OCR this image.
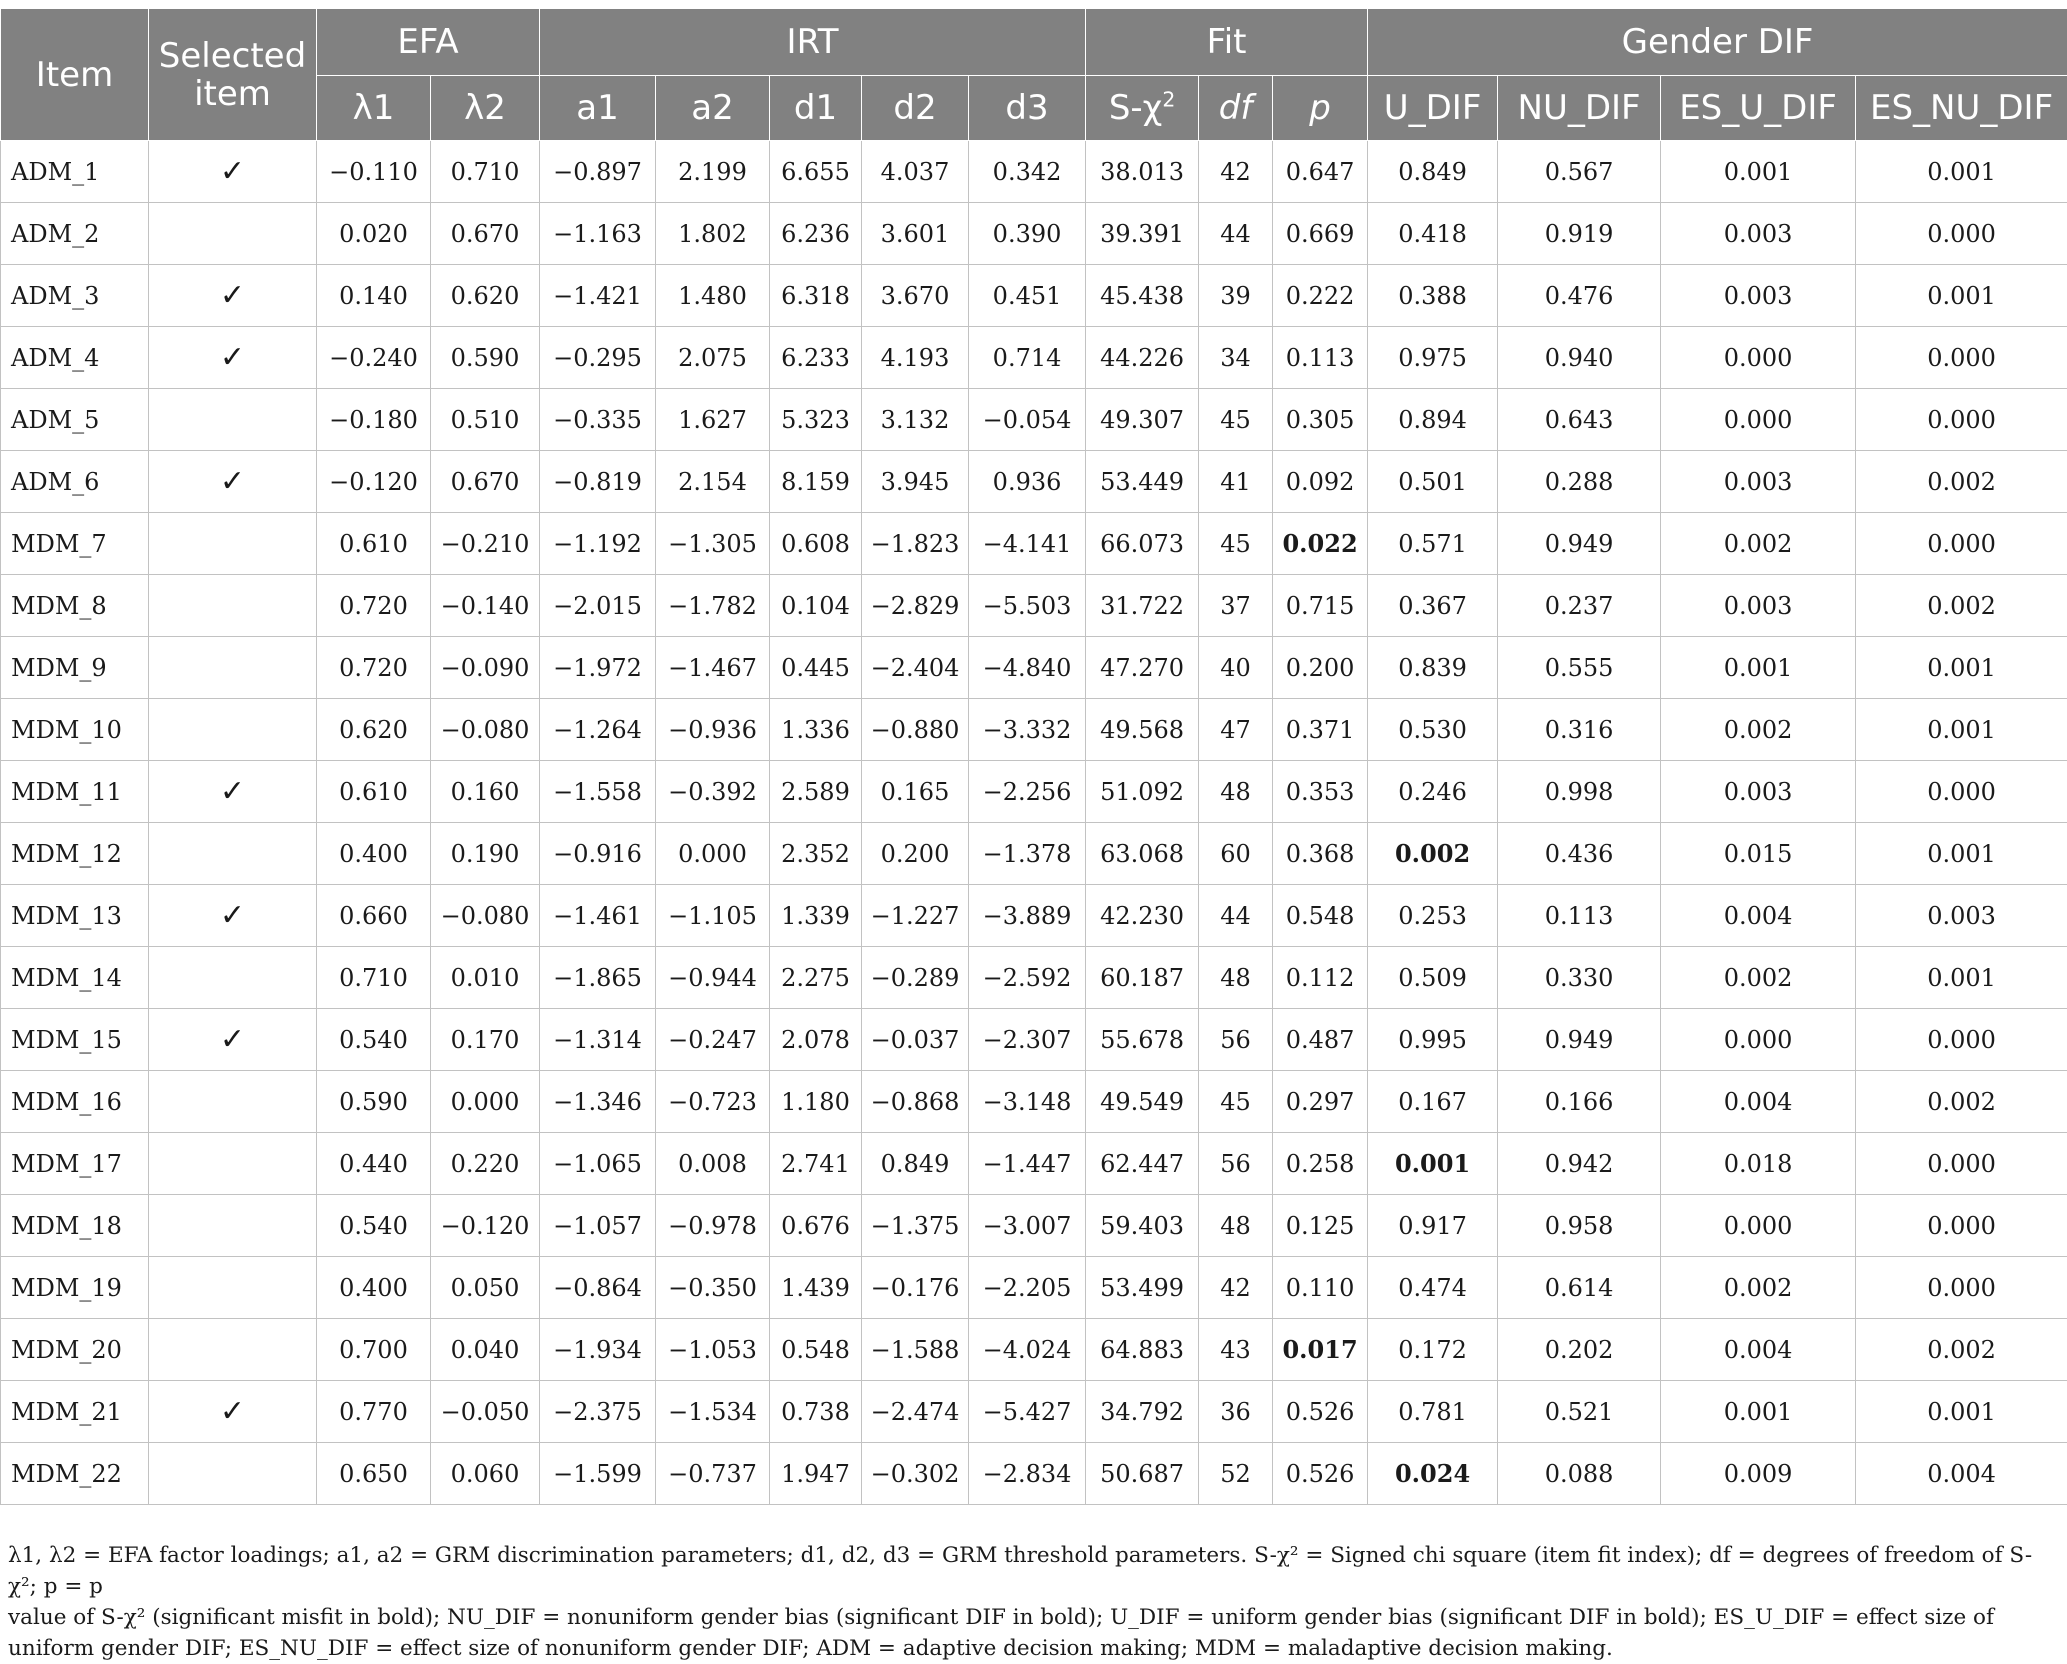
Item	Selected item	EFA		IRT					Fit			Gender DIF			
		λ1	λ2	a1	a2	d1	d2	d3	$S-\chi^2$	df	p	U_DIF	NU_DIF	ES_U_DIF	ES_NU_DIF
ADM_1	✓	−0.110	0.710	−0.897	2.199	6.655	4.037	0.342	38.013	42	0.647	0.849	0.567	0.001	0.001
ADM_2		0.020	0.670	−1.163	1.802	6.236	3.601	0.390	39.391	44	0.669	0.418	0.919	0.003	0.000
ADM_3	✓	0.140	0.620	−1.421	1.480	6.318	3.670	0.451	45.438	39	0.222	0.388	0.476	0.003	0.001
ADM_4	✓	−0.240	0.590	−0.295	2.075	6.233	4.193	0.714	44.226	34	0.113	0.975	0.940	0.000	0.000
ADM_5		−0.180	0.510	−0.335	1.627	5.323	3.132	−0.054	49.307	45	0.305	0.894	0.643	0.000	0.000
ADM_6	✓	−0.120	0.670	−0.819	2.154	8.159	3.945	0.936	53.449	41	0.092	0.501	0.288	0.003	0.002
MDM_7		0.610	−0.210	−1.192	−1.305	0.608	−1.823	−4.141	66.073	45	0.022	0.571	0.949	0.002	0.000
MDM_8		0.720	−0.140	−2.015	−1.782	0.104	−2.829	−5.503	31.722	37	0.715	0.367	0.237	0.003	0.002
MDM_9		0.720	−0.090	−1.972	−1.467	0.445	−2.404	−4.840	47.270	40	0.200	0.839	0.555	0.001	0.001
MDM_10		0.620	−0.080	−1.264	−0.936	1.336	−0.880	−3.332	49.568	47	0.371	0.530	0.316	0.002	0.001
MDM_11	✓	0.610	0.160	−1.558	−0.392	2.589	0.165	−2.256	51.092	48	0.353	0.246	0.998	0.003	0.000
MDM_12		0.400	0.190	−0.916	0.000	2.352	0.200	−1.378	63.068	60	0.368	0.002	0.436	0.015	0.001
MDM_13	✓	0.660	−0.080	−1.461	−1.105	1.339	−1.227	−3.889	42.230	44	0.548	0.253	0.113	0.004	0.003
MDM_14		0.710	0.010	−1.865	−0.944	2.275	−0.289	−2.592	60.187	48	0.112	0.509	0.330	0.002	0.001
MDM_15	✓	0.540	0.170	−1.314	−0.247	2.078	−0.037	−2.307	55.678	56	0.487	0.995	0.949	0.000	0.000
MDM_16		0.590	0.000	−1.346	−0.723	1.180	−0.868	−3.148	49.549	45	0.297	0.167	0.166	0.004	0.002
MDM_17		0.440	0.220	−1.065	0.008	2.741	0.849	−1.447	62.447	56	0.258	0.001	0.942	0.018	0.000
MDM_18		0.540	−0.120	−1.057	−0.978	0.676	−1.375	−3.007	59.403	48	0.125	0.917	0.958	0.000	0.000
MDM_19		0.400	0.050	−0.864	−0.350	1.439	−0.176	−2.205	53.499	42	0.110	0.474	0.614	0.002	0.000
MDM_20		0.700	0.040	−1.934	−1.053	0.548	−1.588	−4.024	64.883	43	0.017	0.172	0.202	0.004	0.002
MDM_21	✓	0.770	−0.050	−2.375	−1.534	0.738	−2.474	−5.427	34.792	36	0.526	0.781	0.521	0.001	0.001
MDM_22		0.650	0.060	−1.599	−0.737	1.947	−0.302	−2.834	50.687	52	0.526	0.024	0.088	0.009	0.004
λ1, λ2 = EFA factor loadings; a1, a2 = GRM discrimination parameters; d1, d2, d3 = GRM threshold parameters. S-χ² = Signed chi square (item fit index); df = degrees of freedom of S-χ²; p = p
value of S-χ² (significant misfit in bold); NU_DIF = nonuniform gender bias (significant DIF in bold); U_DIF = uniform gender bias (significant DIF in bold); ES_U_DIF = effect size of
uniform gender DIF; ES_NU_DIF = effect size of nonuniform gender DIF; ADM = adaptive decision making; MDM = maladaptive decision making.
